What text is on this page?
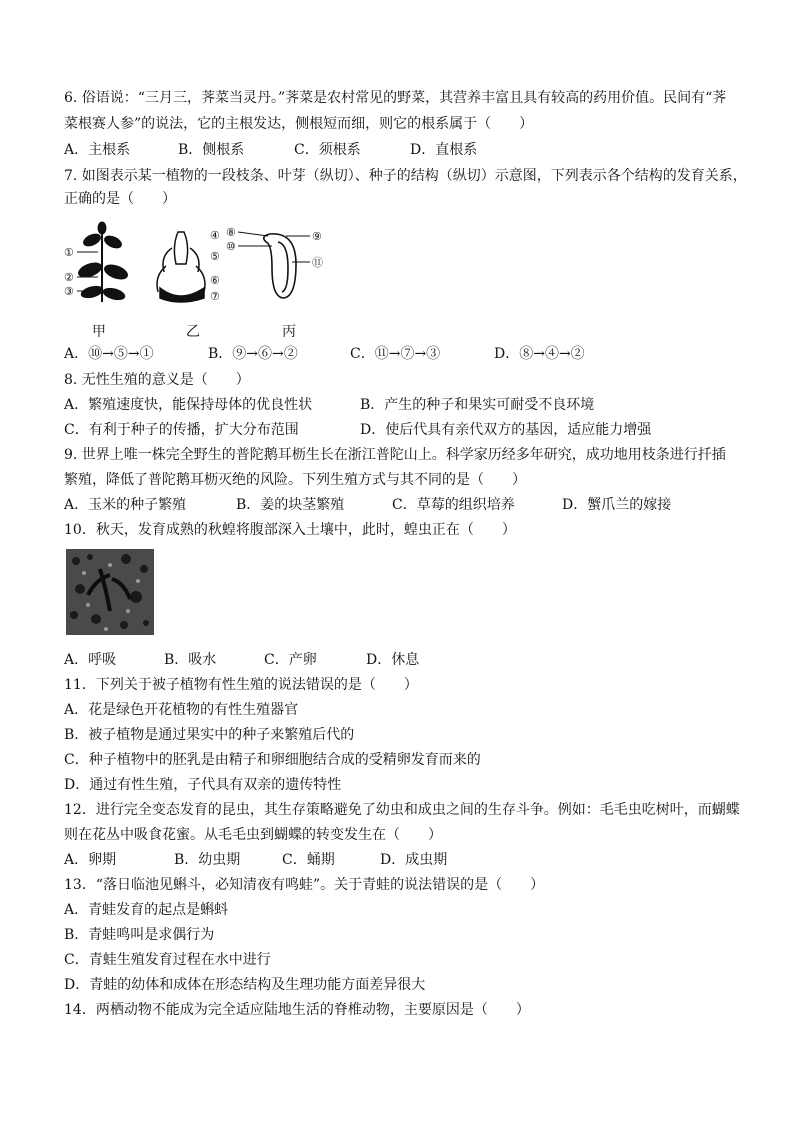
6. 俗语说：“三月三，荠菜当灵丹。”荠菜是农村常见的野菜，其营养丰富且具有较高的药用价值。民间有“荠
菜根赛人参”的说法，它的主根发达，侧根短而细，则它的根系属于（　　）
A．主根系	B．侧根系	C．须根系	D．直根系
7. 如图表示某一植物的一段枝条、叶芽（纵切）、种子的结构（纵切）示意图，下列表示各个结构的发育关系，
正确的是（　　）
①
②
③
④
⑤
⑥
⑦
⑧
⑩
⑨
⑪
甲	乙	丙
A．⑩→⑤→①	B．⑨→⑥→②	C．⑪→⑦→③	D．⑧→④→②
8. 无性生殖的意义是（　　）
A．繁殖速度快，能保持母体的优良性状	B．产生的种子和果实可耐受不良环境
C．有利于种子的传播，扩大分布范围	D．使后代具有亲代双方的基因，适应能力增强
9. 世界上唯一株完全野生的普陀鹅耳枥生长在浙江普陀山上。科学家历经多年研究，成功地用枝条进行扦插
繁殖，降低了普陀鹅耳枥灭绝的风险。下列生殖方式与其不同的是（　　）
A．玉米的种子繁殖	B．姜的块茎繁殖	C．草莓的组织培养	D．蟹爪兰的嫁接
10．秋天，发育成熟的秋蝗将腹部深入土壤中，此时，蝗虫正在（　　）
A．呼吸	B．吸水	C．产卵	D．休息
11．下列关于被子植物有性生殖的说法错误的是（　　）
A．花是绿色开花植物的有性生殖器官
B．被子植物是通过果实中的种子来繁殖后代的
C．种子植物中的胚乳是由精子和卵细胞结合成的受精卵发育而来的
D．通过有性生殖，子代具有双亲的遗传特性
12．进行完全变态发育的昆虫，其生存策略避免了幼虫和成虫之间的生存斗争。例如：毛毛虫吃树叶，而蝴蝶
则在花丛中吸食花蜜。从毛毛虫到蝴蝶的转变发生在（　　）
A．卵期	B．幼虫期	C．蛹期	D．成虫期
13．“落日临池见蝌斗，必知清夜有鸣蛙”。关于青蛙的说法错误的是（　　）
A．青蛙发育的起点是蝌蚪
B．青蛙鸣叫是求偶行为
C．青蛙生殖发育过程在水中进行
D．青蛙的幼体和成体在形态结构及生理功能方面差异很大
14．两栖动物不能成为完全适应陆地生活的脊椎动物，主要原因是（　　）
